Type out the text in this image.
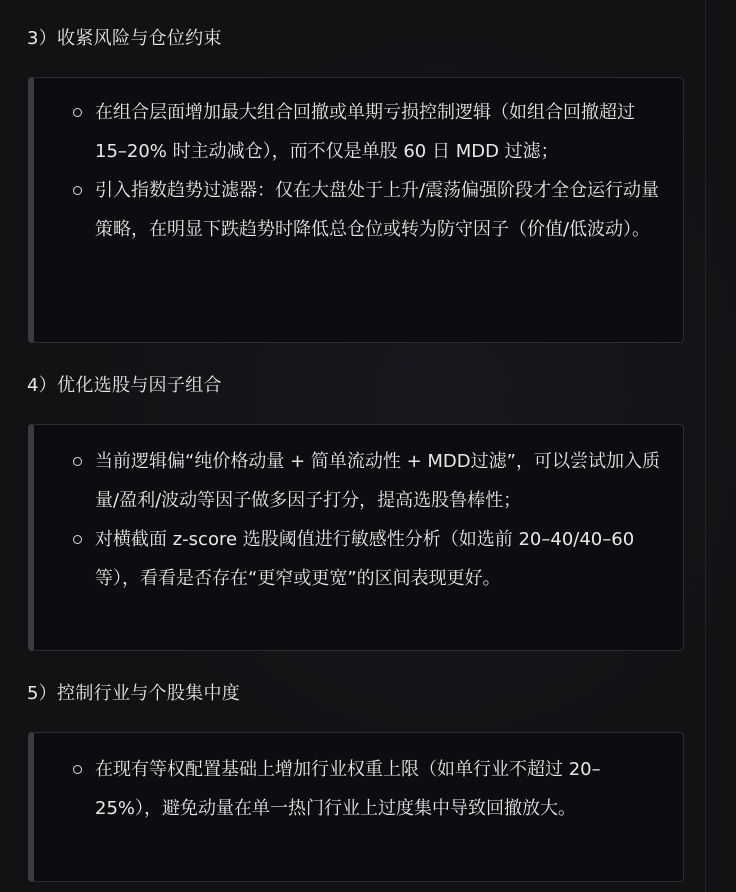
3）收紧风险与仓位约束
在组合层面增加最大组合回撤或单期亏损控制逻辑（如组合回撤超过 15–20% 时主动减仓），而不仅是单股 60 日 MDD 过滤；
引入指数趋势过滤器：仅在大盘处于上升/震荡偏强阶段才全仓运行动量策略，在明显下跌趋势时降低总仓位或转为防守因子（价值/低波动）。
4）优化选股与因子组合
当前逻辑偏“纯价格动量 + 简单流动性 + MDD过滤”，可以尝试加入质量/盈利/波动等因子做多因子打分，提高选股鲁棒性；
对横截面 z-score 选股阈值进行敏感性分析（如选前 20–40/40–60 等），看看是否存在“更窄或更宽”的区间表现更好。
5）控制行业与个股集中度
在现有等权配置基础上增加行业权重上限（如单行业不超过 20–25%），避免动量在单一热门行业上过度集中导致回撤放大。
